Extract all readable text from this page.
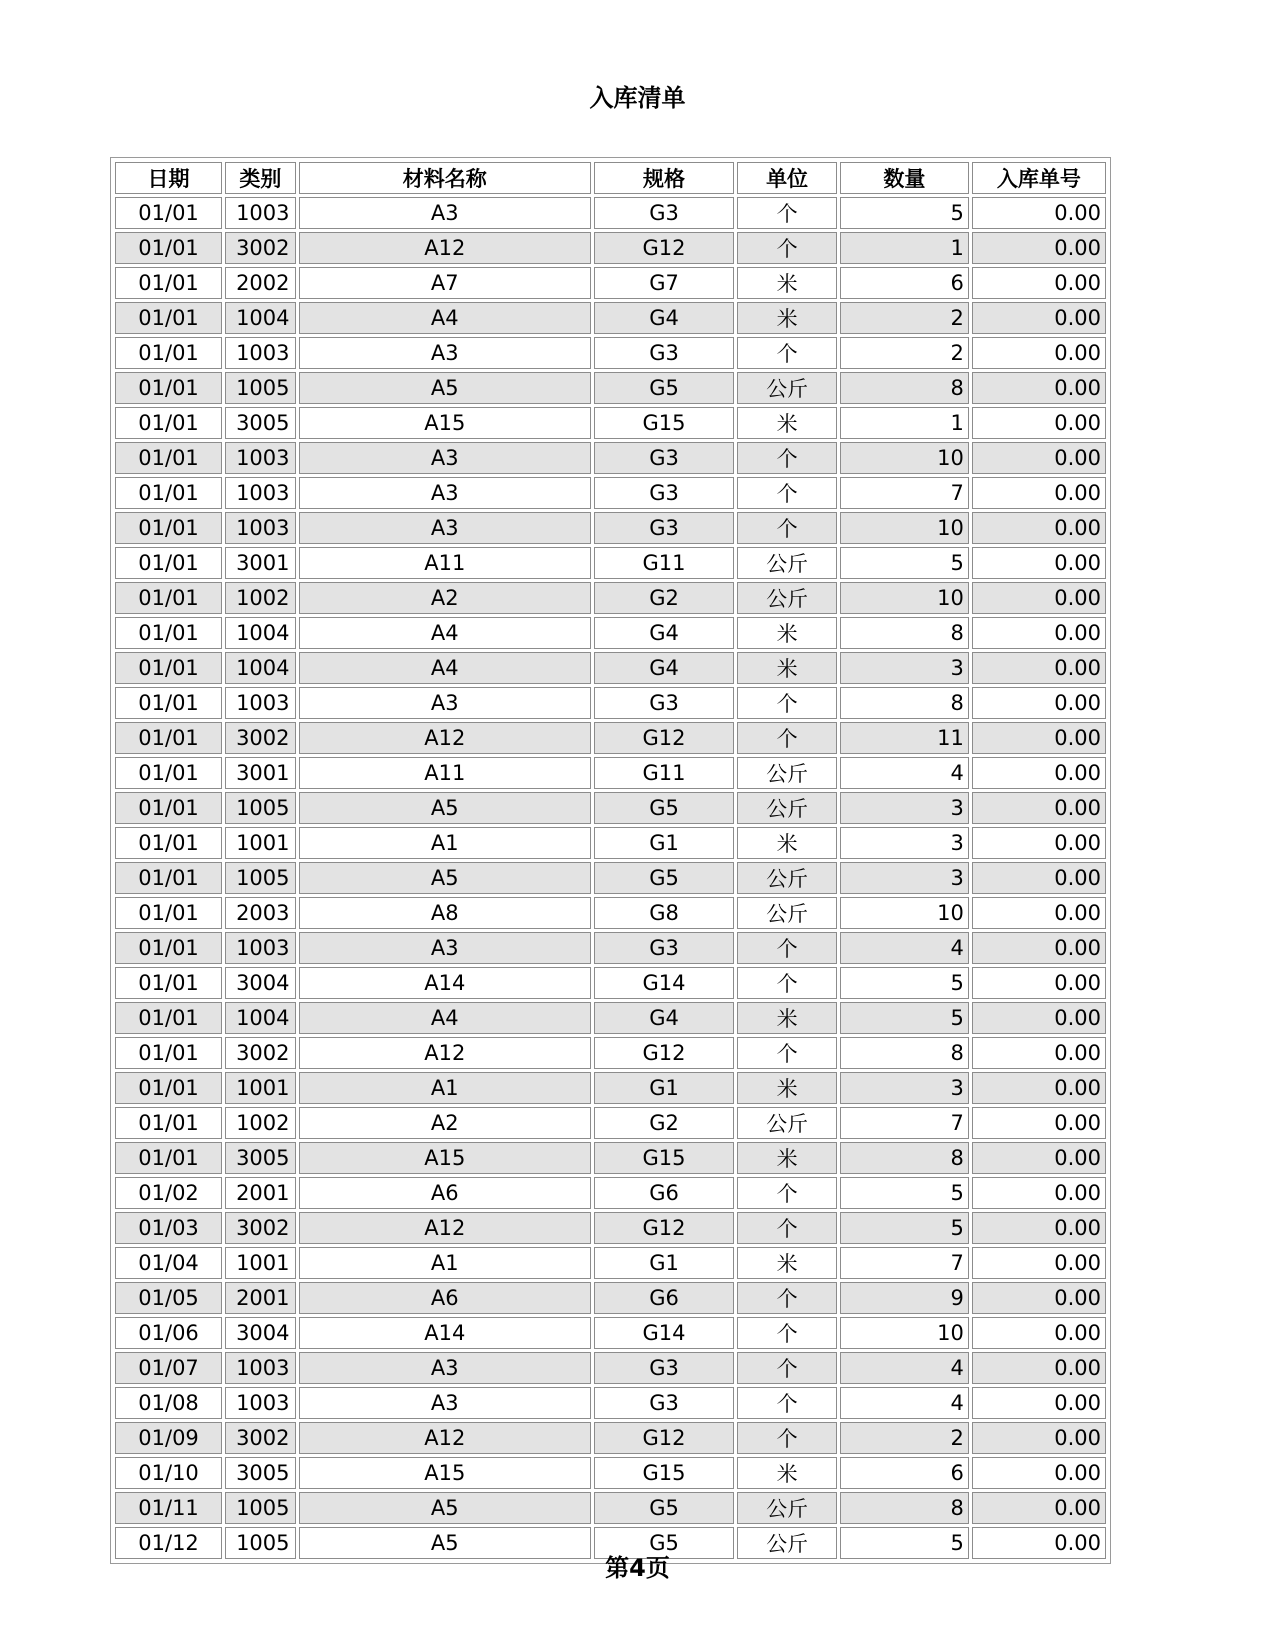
入库清单
日期	类别	材料名称	规格	单位	数量	入库单号
01/01	1003	A3	G3	个	5	0.00
01/01	3002	A12	G12	个	1	0.00
01/01	2002	A7	G7	米	6	0.00
01/01	1004	A4	G4	米	2	0.00
01/01	1003	A3	G3	个	2	0.00
01/01	1005	A5	G5	公斤	8	0.00
01/01	3005	A15	G15	米	1	0.00
01/01	1003	A3	G3	个	10	0.00
01/01	1003	A3	G3	个	7	0.00
01/01	1003	A3	G3	个	10	0.00
01/01	3001	A11	G11	公斤	5	0.00
01/01	1002	A2	G2	公斤	10	0.00
01/01	1004	A4	G4	米	8	0.00
01/01	1004	A4	G4	米	3	0.00
01/01	1003	A3	G3	个	8	0.00
01/01	3002	A12	G12	个	11	0.00
01/01	3001	A11	G11	公斤	4	0.00
01/01	1005	A5	G5	公斤	3	0.00
01/01	1001	A1	G1	米	3	0.00
01/01	1005	A5	G5	公斤	3	0.00
01/01	2003	A8	G8	公斤	10	0.00
01/01	1003	A3	G3	个	4	0.00
01/01	3004	A14	G14	个	5	0.00
01/01	1004	A4	G4	米	5	0.00
01/01	3002	A12	G12	个	8	0.00
01/01	1001	A1	G1	米	3	0.00
01/01	1002	A2	G2	公斤	7	0.00
01/01	3005	A15	G15	米	8	0.00
01/02	2001	A6	G6	个	5	0.00
01/03	3002	A12	G12	个	5	0.00
01/04	1001	A1	G1	米	7	0.00
01/05	2001	A6	G6	个	9	0.00
01/06	3004	A14	G14	个	10	0.00
01/07	1003	A3	G3	个	4	0.00
01/08	1003	A3	G3	个	4	0.00
01/09	3002	A12	G12	个	2	0.00
01/10	3005	A15	G15	米	6	0.00
01/11	1005	A5	G5	公斤	8	0.00
01/12	1005	A5	G5	公斤	5	0.00
第4页
